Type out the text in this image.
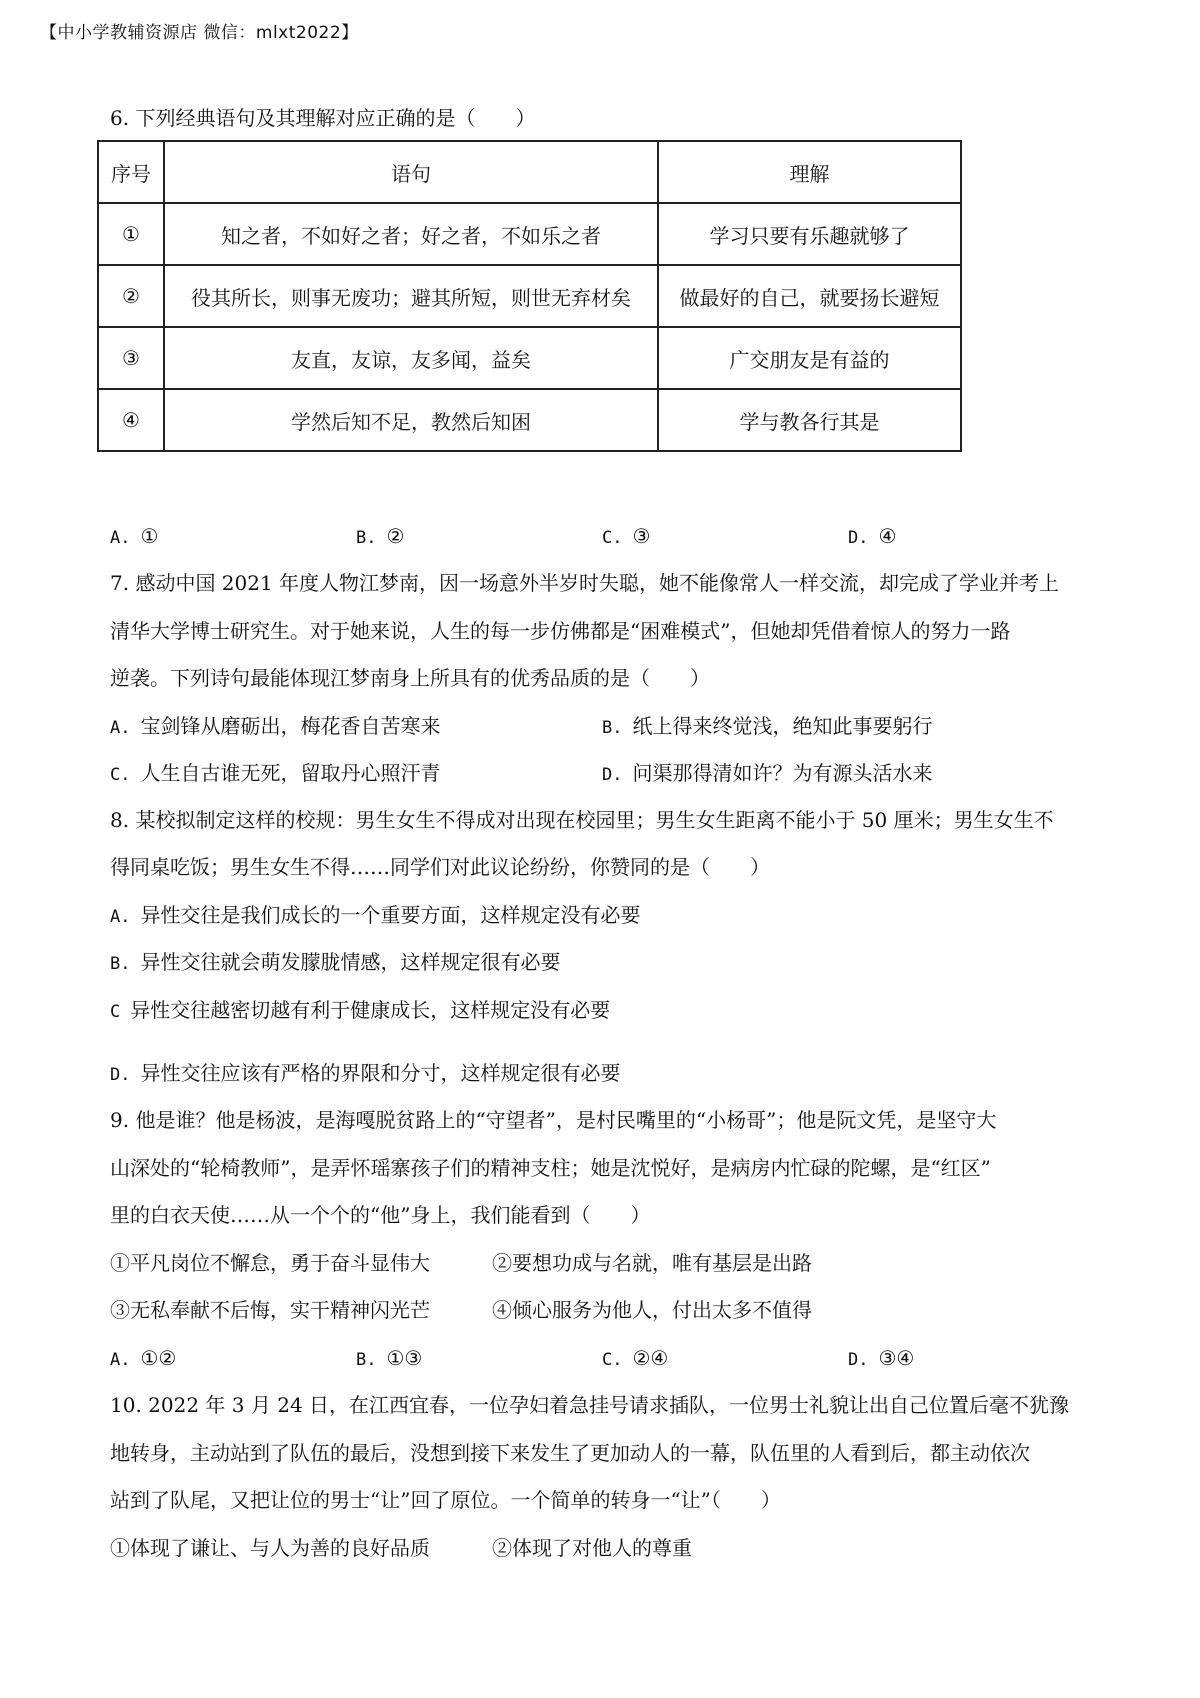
【中小学教辅资源店 微信：mlxt2022】
6. 下列经典语句及其理解对应正确的是（　　）
序号	语句	理解
①	知之者，不如好之者；好之者，不如乐之者	学习只要有乐趣就够了
②	役其所长，则事无废功；避其所短，则世无弃材矣	做最好的自己，就要扬长避短
③	友直，友谅，友多闻，益矣	广交朋友是有益的
④	学然后知不足，教然后知困	学与教各行其是
A. ①	B. ②	C. ③	D. ④
7. 感动中国 2021 年度人物江梦南，因一场意外半岁时失聪，她不能像常人一样交流，却完成了学业并考上
清华大学博士研究生。对于她来说，人生的每一步仿佛都是“困难模式”，但她却凭借着惊人的努力一路
逆袭。下列诗句最能体现江梦南身上所具有的优秀品质的是（　　）
A. 宝剑锋从磨砺出，梅花香自苦寒来	B. 纸上得来终觉浅，绝知此事要躬行
C. 人生自古谁无死，留取丹心照汗青	D. 问渠那得清如许？为有源头活水来
8. 某校拟制定这样的校规：男生女生不得成对出现在校园里；男生女生距离不能小于 50 厘米；男生女生不
得同桌吃饭；男生女生不得……同学们对此议论纷纷，你赞同的是（　　）
A. 异性交往是我们成长的一个重要方面，这样规定没有必要
B. 异性交往就会萌发朦胧情感，这样规定很有必要
C 异性交往越密切越有利于健康成长，这样规定没有必要
D. 异性交往应该有严格的界限和分寸，这样规定很有必要
9. 他是谁？他是杨波，是海嘎脱贫路上的“守望者”，是村民嘴里的“小杨哥”；他是阮文凭，是坚守大
山深处的“轮椅教师”，是弄怀瑶寨孩子们的精神支柱；她是沈悦好，是病房内忙碌的陀螺，是“红区”
里的白衣天使……从一个个的“他”身上，我们能看到（　　）
①平凡岗位不懈怠，勇于奋斗显伟大	②要想功成与名就，唯有基层是出路
③无私奉献不后悔，实干精神闪光芒	④倾心服务为他人，付出太多不值得
A. ①②	B. ①③	C. ②④	D. ③④
10. 2022 年 3 月 24 日，在江西宜春，一位孕妇着急挂号请求插队，一位男士礼貌让出自己位置后毫不犹豫
地转身，主动站到了队伍的最后，没想到接下来发生了更加动人的一幕，队伍里的人看到后，都主动依次
站到了队尾，又把让位的男士“让”回了原位。一个简单的转身一“让”（　　）
①体现了谦让、与人为善的良好品质	②体现了对他人的尊重
